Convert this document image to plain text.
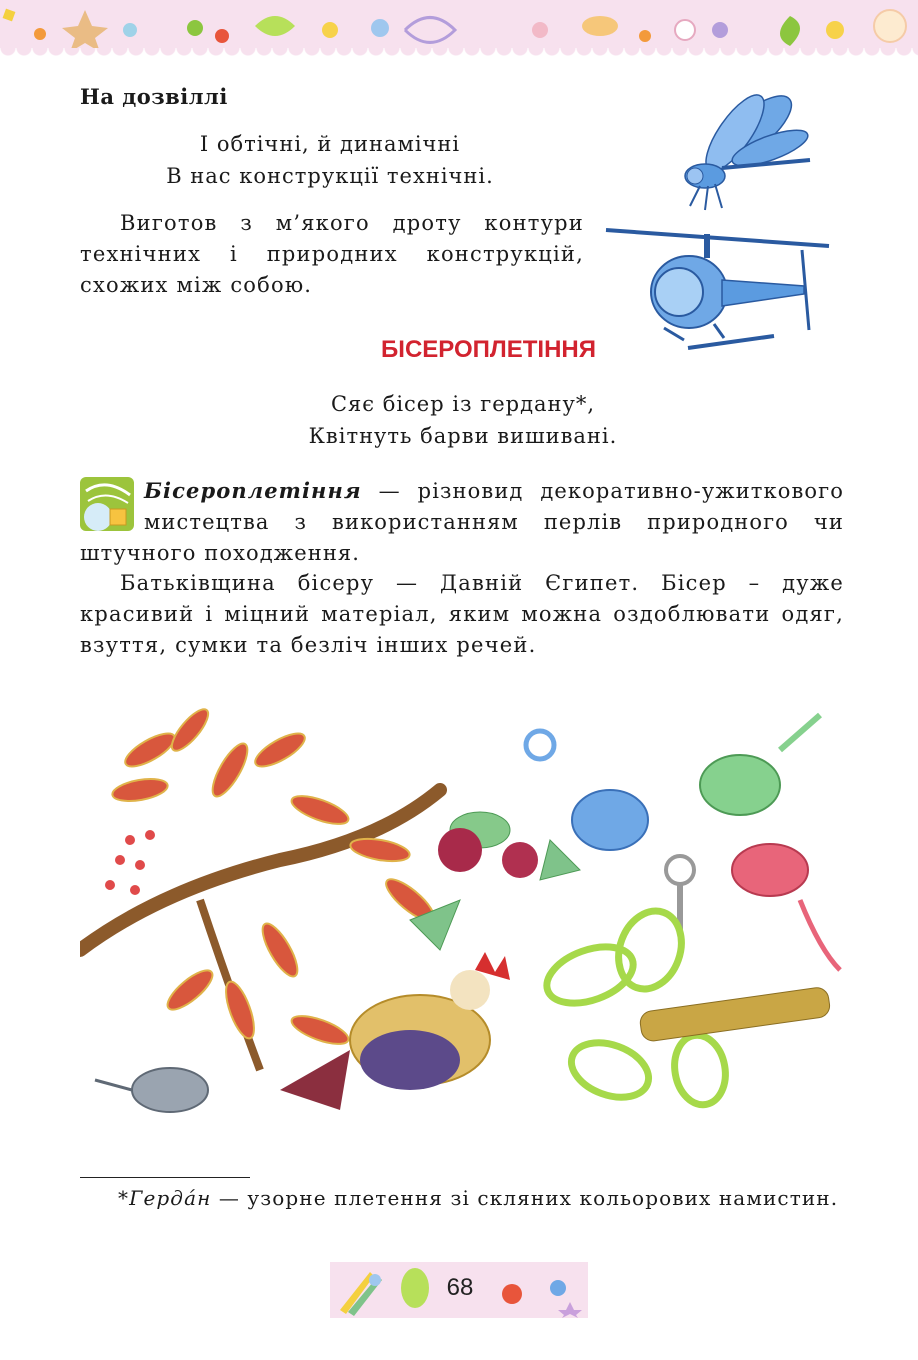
На дозвіллі
І обтічні, й динамічні
В нас конструкції технічні.
Виготов з м’якого дроту контури технічних і природних конструкцій, схожих між собою.
БІСЕРОПЛЕТІННЯ
Сяє бісер із гердану*,
Квітнуть барви вишивані.
Бісероплетіння — різновид декоративно-ужиткового мистецтва з використанням перлів природного чи штучного походження.
Батьківщина бісеру — Давній Єгипет. Бісер – дуже красивий і міцний матеріал, яким можна оздоблювати одяг, взуття, сумки та безліч інших речей.
*Гердáн — узорне плетення зі скляних кольорових намистин.
68
